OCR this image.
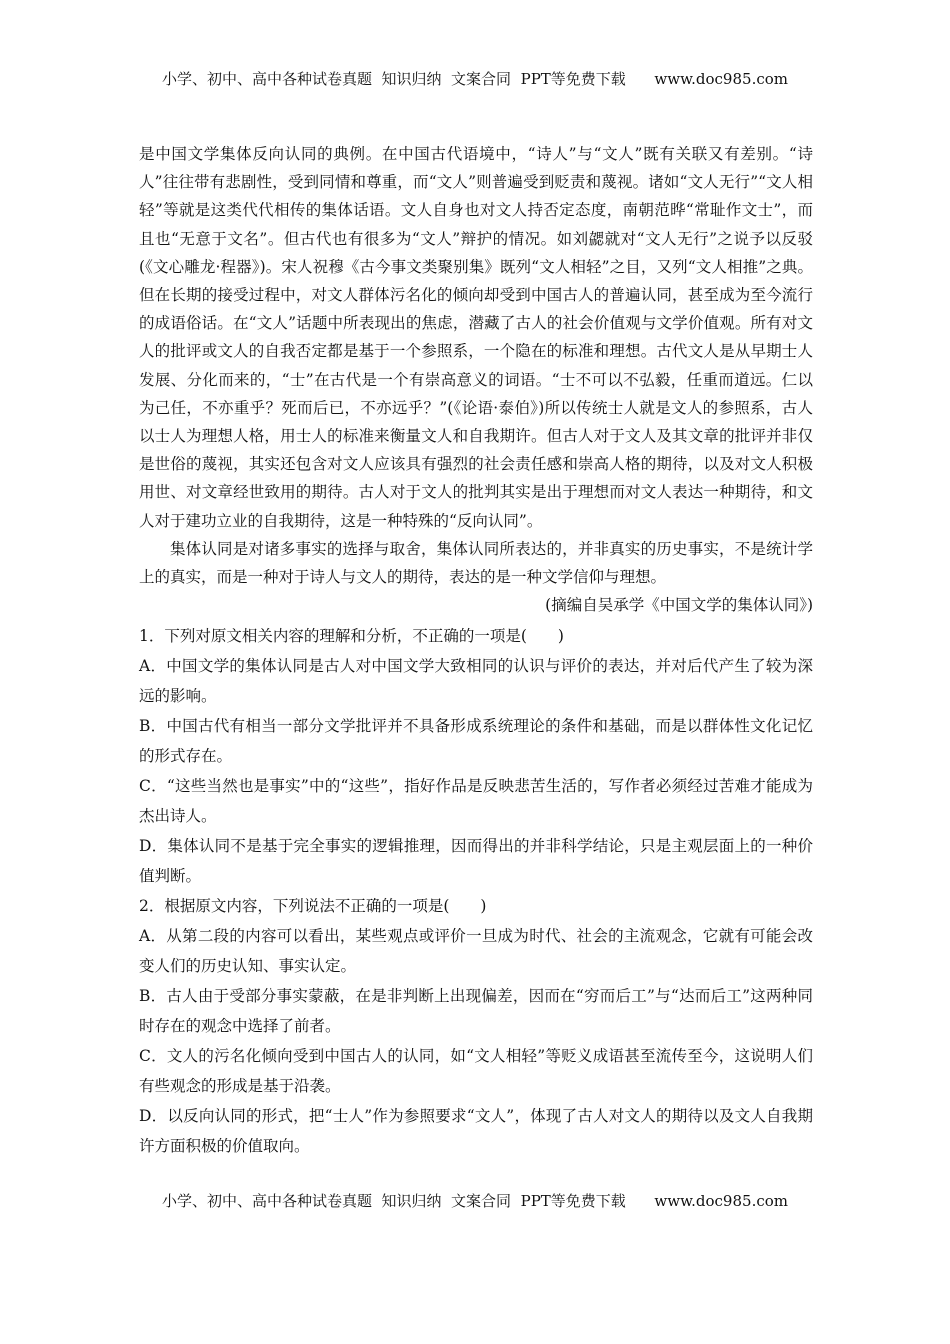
小学、初中、高中各种试卷真题  知识归纳  文案合同  PPT等免费下载      www.doc985.com

是中国文学集体反向认同的典例。在中国古代语境中，“诗人”与“文人”既有关联又有差别。“诗人”往往带有悲剧性，受到同情和尊重，而“文人”则普遍受到贬责和蔑视。诸如“文人无行”“文人相轻”等就是这类代代相传的集体话语。文人自身也对文人持否定态度，南朝范晔“常耻作文士”，而且也“无意于文名”。但古代也有很多为“文人”辩护的情况。如刘勰就对“文人无行”之说予以反驳(《文心雕龙·程器》)。宋人祝穆《古今事文类聚别集》既列“文人相轻”之目，又列“文人相推”之典。但在长期的接受过程中，对文人群体污名化的倾向却受到中国古人的普遍认同，甚至成为至今流行的成语俗话。在“文人”话题中所表现出的焦虑，潜藏了古人的社会价值观与文学价值观。所有对文人的批评或文人的自我否定都是基于一个参照系，一个隐在的标准和理想。古代文人是从早期士人发展、分化而来的，“士”在古代是一个有崇高意义的词语。“士不可以不弘毅，任重而道远。仁以为己任，不亦重乎？死而后已，不亦远乎？”(《论语·泰伯》)所以传统士人就是文人的参照系，古人以士人为理想人格，用士人的标准来衡量文人和自我期许。但古人对于文人及其文章的批评并非仅是世俗的蔑视，其实还包含对文人应该具有强烈的社会责任感和崇高人格的期待，以及对文人积极用世、对文章经世致用的期待。古人对于文人的批判其实是出于理想而对文人表达一种期待，和文人对于建功立业的自我期待，这是一种特殊的“反向认同”。

集体认同是对诸多事实的选择与取舍，集体认同所表达的，并非真实的历史事实，不是统计学上的真实，而是一种对于诗人与文人的期待，表达的是一种文学信仰与理想。

(摘编自吴承学《中国文学的集体认同》)

1．下列对原文相关内容的理解和分析，不正确的一项是(　　)

A．中国文学的集体认同是古人对中国文学大致相同的认识与评价的表达，并对后代产生了较为深远的影响。

B．中国古代有相当一部分文学批评并不具备形成系统理论的条件和基础，而是以群体性文化记忆的形式存在。

C．“这些当然也是事实”中的“这些”，指好作品是反映悲苦生活的，写作者必须经过苦难才能成为杰出诗人。

D．集体认同不是基于完全事实的逻辑推理，因而得出的并非科学结论，只是主观层面上的一种价值判断。

2．根据原文内容，下列说法不正确的一项是(　　)

A．从第二段的内容可以看出，某些观点或评价一旦成为时代、社会的主流观念，它就有可能会改变人们的历史认知、事实认定。

B．古人由于受部分事实蒙蔽，在是非判断上出现偏差，因而在“穷而后工”与“达而后工”这两种同时存在的观念中选择了前者。

C．文人的污名化倾向受到中国古人的认同，如“文人相轻”等贬义成语甚至流传至今，这说明人们有些观念的形成是基于沿袭。

D．以反向认同的形式，把“士人”作为参照要求“文人”，体现了古人对文人的期待以及文人自我期许方面积极的价值取向。

小学、初中、高中各种试卷真题  知识归纳  文案合同  PPT等免费下载      www.doc985.com
